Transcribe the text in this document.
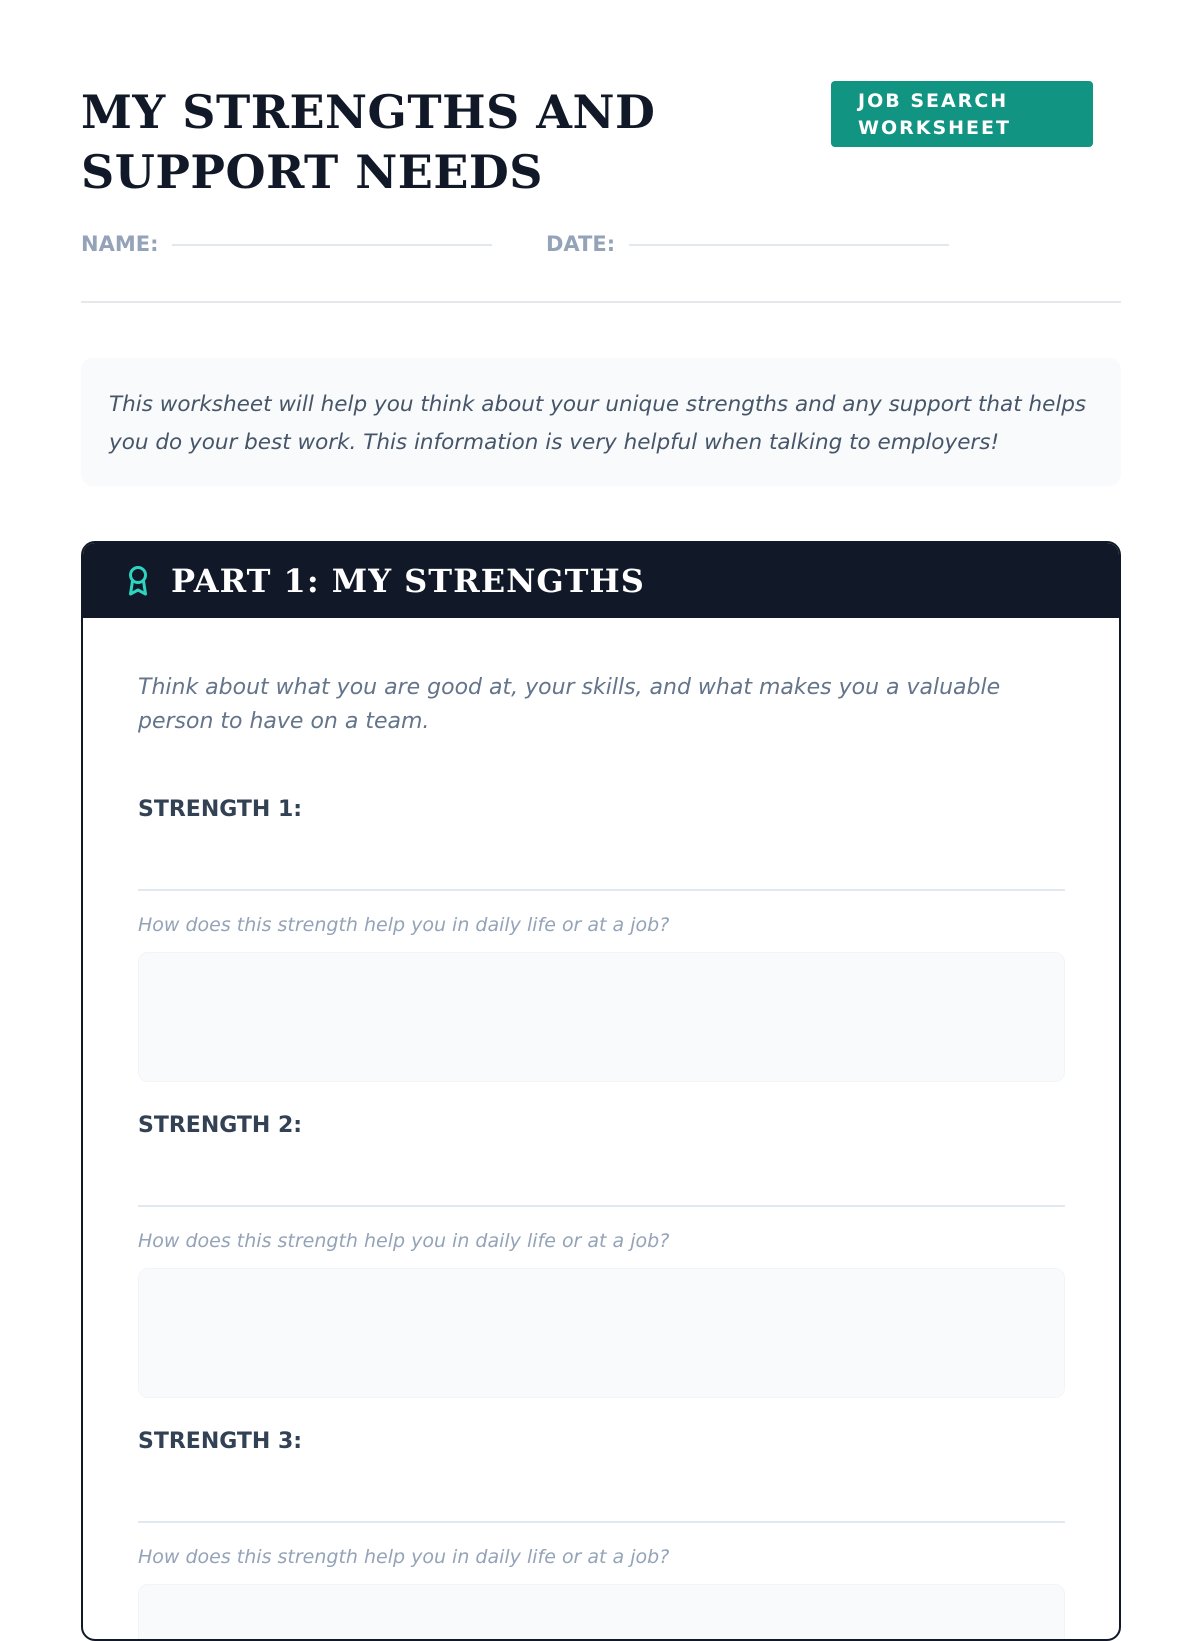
MY STRENGTHS AND SUPPORT NEEDS
JOB SEARCH
WORKSHEET
NAME:	DATE:
This worksheet will help you think about your unique strengths and any support that helps you do your best work. This information is very helpful when talking to employers!
PART 1: MY STRENGTHS

Think about what you are good at, your skills, and what makes you a valuable person to have on a team.

STRENGTH 1:
How does this strength help you in daily life or at a job?
STRENGTH 2:
How does this strength help you in daily life or at a job?
STRENGTH 3:
How does this strength help you in daily life or at a job?
